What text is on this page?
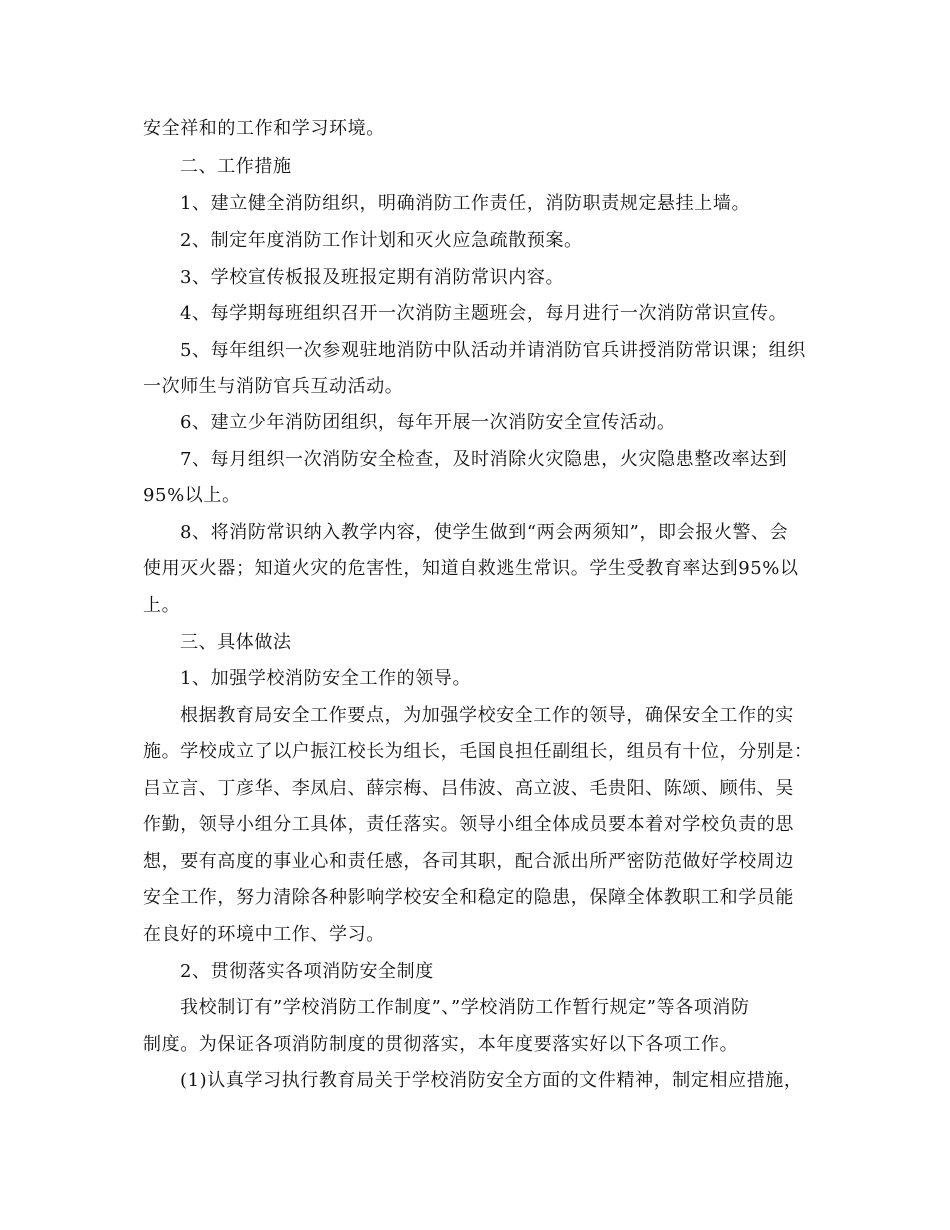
安全祥和的工作和学习环境。
二、工作措施
1、建立健全消防组织，明确消防工作责任，消防职责规定悬挂上墙。
2、制定年度消防工作计划和灭火应急疏散预案。
3、学校宣传板报及班报定期有消防常识内容。
4、每学期每班组织召开一次消防主题班会，每月进行一次消防常识宣传。
5、每年组织一次参观驻地消防中队活动并请消防官兵讲授消防常识课；组织
一次师生与消防官兵互动活动。
6、建立少年消防团组织，每年开展一次消防安全宣传活动。
7、每月组织一次消防安全检查，及时消除火灾隐患，火灾隐患整改率达到
95%以上。
8、将消防常识纳入教学内容，使学生做到“两会两须知”，即会报火警、会
使用灭火器；知道火灾的危害性，知道自救逃生常识。学生受教育率达到95%以
上。
三、具体做法
1、加强学校消防安全工作的领导。
根据教育局安全工作要点，为加强学校安全工作的领导，确保安全工作的实
施。学校成立了以户振江校长为组长，毛国良担任副组长，组员有十位，分别是：
吕立言、丁彦华、李凤启、薛宗梅、吕伟波、高立波、毛贵阳、陈颂、顾伟、吴
作勤，领导小组分工具体，责任落实。领导小组全体成员要本着对学校负责的思
想，要有高度的事业心和责任感，各司其职，配合派出所严密防范做好学校周边
安全工作，努力清除各种影响学校安全和稳定的隐患，保障全体教职工和学员能
在良好的环境中工作、学习。
2、贯彻落实各项消防安全制度
我校制订有”学校消防工作制度”、”学校消防工作暂行规定”等各项消防
制度。为保证各项消防制度的贯彻落实，本年度要落实好以下各项工作。
(1)认真学习执行教育局关于学校消防安全方面的文件精神，制定相应措施，
